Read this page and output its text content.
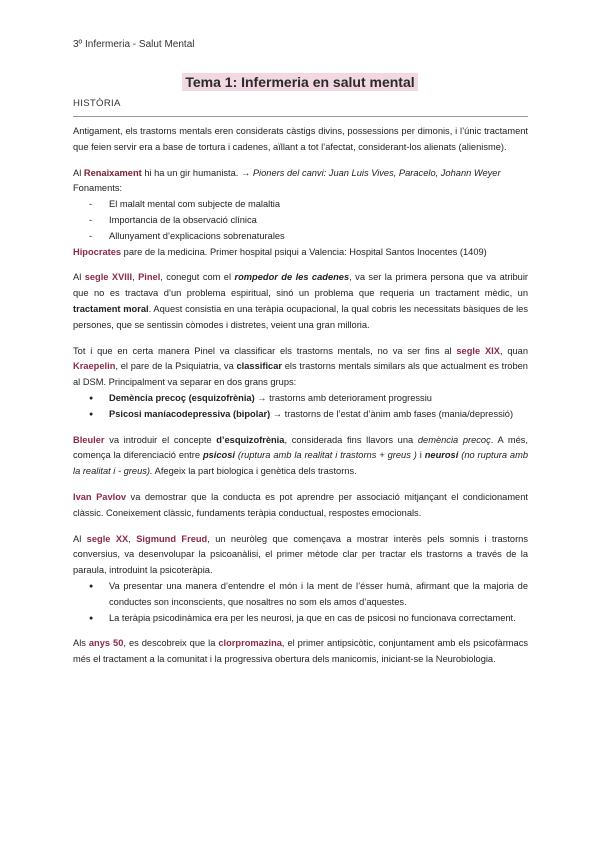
3º Infermeria - Salut Mental
Tema 1: Infermeria en salut mental
HISTÒRIA

Antigament, els trastorns mentals eren considerats càstigs divins, possessions per dimonis, i l’únic tractament que feien servir era a base de tortura i cadenes, aïllant a tot l’afectat, considerant-los alienats (alienisme).

Al Renaixament hi ha un gir humanista. → Pioners del canvi: Juan Luis Vives, Paracelo, Johann Weyer

Fonaments:

- El malalt mental com subjecte de malaltia
- Importancia de la observació clínica
- Allunyament d’explicacions sobrenaturales

Hipocrates pare de la medicina. Primer hospital psiqui a Valencia: Hospital Santos Inocentes (1409)

Al segle XVIII, Pinel, conegut com el rompedor de les cadenes, va ser la primera persona que va atribuir que no es tractava d’un problema espiritual, sinó un problema que requeria un tractament mèdic, un tractament moral. Aquest consistia en una teràpia ocupacional, la qual cobris les necessitats bàsiques de les persones, que se sentissin còmodes i distretes, veient una gran milloria.

Tot i que en certa manera Pinel va classificar els trastorns mentals, no va ser fins al segle XIX, quan Kraepelin, el pare de la Psiquiatria, va classificar els trastorns mentals similars als que actualment es troben al DSM. Principalment va separar en dos grans grups:

● Demència precoç (esquizofrènia) → trastorns amb deteriorament progressiu
● Psicosi maníacodepressiva (bipolar) → trastorns de l’estat d’ànim amb fases (mania/depressió)

Bleuler va introduir el concepte d’esquizofrènia, considerada fins llavors una demència precoç. A més, comença la diferenciació entre psicosi (ruptura amb la realitat i trastorns + greus ) i neurosi (no ruptura amb la realitat i - greus). Afegeix la part biologica i genètica dels trastorns.

Ivan Pavlov va demostrar que la conducta es pot aprendre per associació mitjançant el condicionament clàssic. Coneixement clàssic, fundaments teràpia conductual, respostes emocionals.

Al segle XX, Sigmund Freud, un neuròleg que començava a mostrar interès pels somnis i trastorns conversius, va desenvolupar la psicoanàlisi, el primer mètode clar per tractar els trastorns a través de la paraula, introduint la psicoteràpia.

● Va presentar una manera d’entendre el món i la ment de l’ésser humà, afirmant que la majoria de conductes son inconscients, que nosaltres no som els amos d’aquestes.
● La teràpia psicodinàmica era per les neurosi, ja que en cas de psicosi no funcionava correctament.

Als anys 50, es descobreix que la clorpromazina, el primer antipsicòtic, conjuntament amb els psicofàrmacs més el tractament a la comunitat i la progressiva obertura dels manicomis, iniciant-se la Neurobiologia.
